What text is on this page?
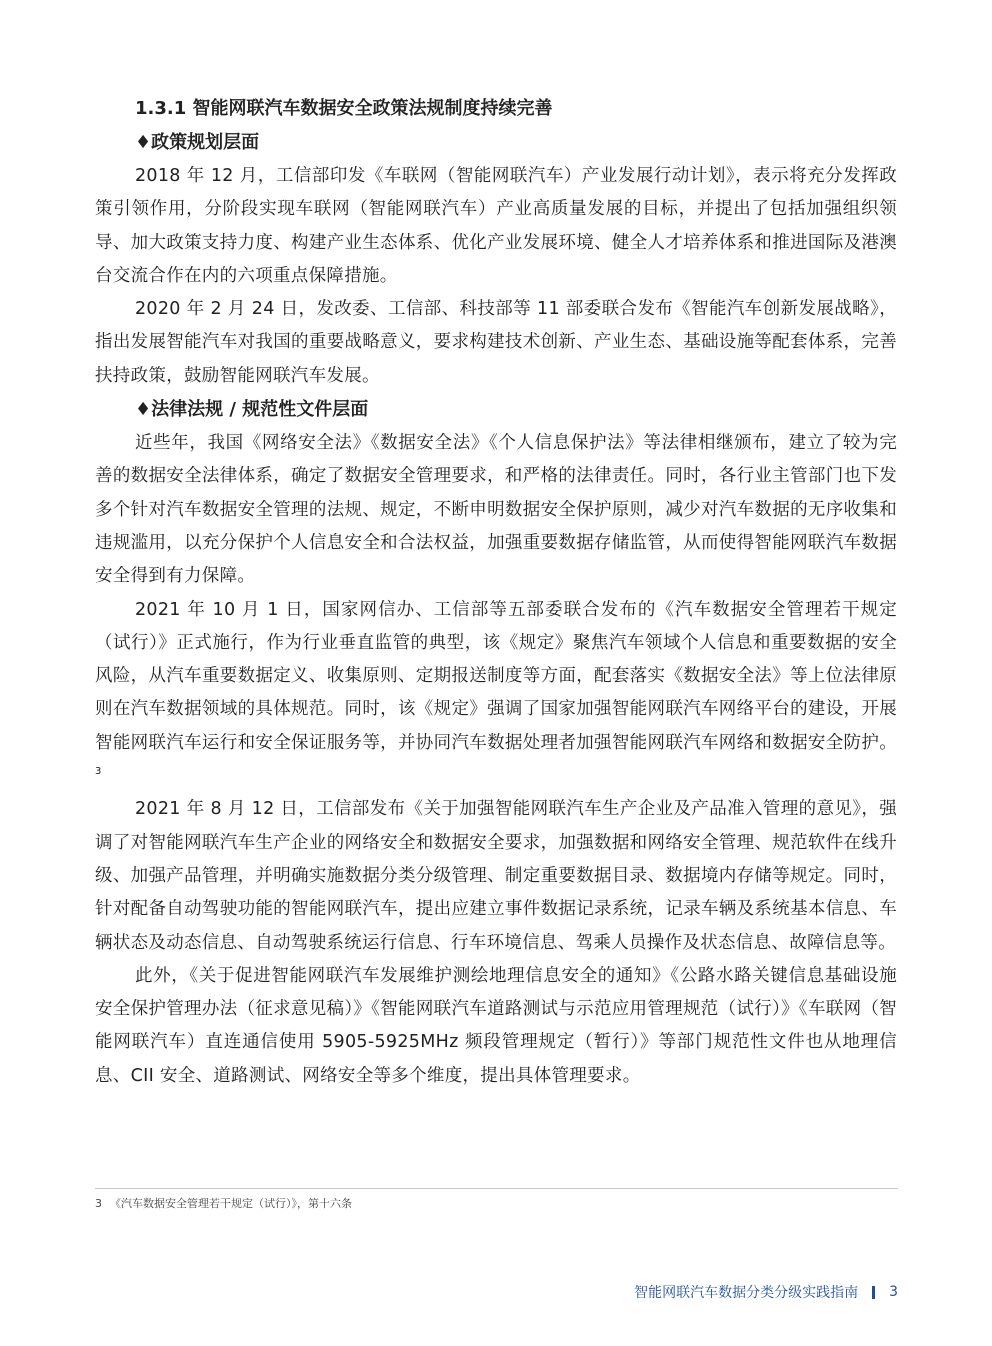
1.3.1 智能网联汽车数据安全政策法规制度持续完善

♦政策规划层面

2018 年 12 月，工信部印发《车联网（智能网联汽车）产业发展行动计划》，表示将充分发挥政策引领作用，分阶段实现车联网（智能网联汽车）产业高质量发展的目标，并提出了包括加强组织领导、加大政策支持力度、构建产业生态体系、优化产业发展环境、健全人才培养体系和推进国际及港澳台交流合作在内的六项重点保障措施。

2020 年 2 月 24 日，发改委、工信部、科技部等 11 部委联合发布《智能汽车创新发展战略》，指出发展智能汽车对我国的重要战略意义，要求构建技术创新、产业生态、基础设施等配套体系，完善扶持政策，鼓励智能网联汽车发展。

♦法律法规 / 规范性文件层面

近些年，我国《网络安全法》《数据安全法》《个人信息保护法》等法律相继颁布，建立了较为完善的数据安全法律体系，确定了数据安全管理要求，和严格的法律责任。同时，各行业主管部门也下发多个针对汽车数据安全管理的法规、规定，不断申明数据安全保护原则，减少对汽车数据的无序收集和违规滥用，以充分保护个人信息安全和合法权益，加强重要数据存储监管，从而使得智能网联汽车数据安全得到有力保障。

2021 年 10 月 1 日，国家网信办、工信部等五部委联合发布的《汽车数据安全管理若干规定（试行）》正式施行，作为行业垂直监管的典型，该《规定》聚焦汽车领域个人信息和重要数据的安全风险，从汽车重要数据定义、收集原则、定期报送制度等方面，配套落实《数据安全法》等上位法律原则在汽车数据领域的具体规范。同时，该《规定》强调了国家加强智能网联汽车网络平台的建设，开展智能网联汽车运行和安全保证服务等，并协同汽车数据处理者加强智能网联汽车网络和数据安全防护。$^3$

2021 年 8 月 12 日，工信部发布《关于加强智能网联汽车生产企业及产品准入管理的意见》，强调了对智能网联汽车生产企业的网络安全和数据安全要求，加强数据和网络安全管理、规范软件在线升级、加强产品管理，并明确实施数据分类分级管理、制定重要数据目录、数据境内存储等规定。同时，针对配备自动驾驶功能的智能网联汽车，提出应建立事件数据记录系统，记录车辆及系统基本信息、车辆状态及动态信息、自动驾驶系统运行信息、行车环境信息、驾乘人员操作及状态信息、故障信息等。

此外，《关于促进智能网联汽车发展维护测绘地理信息安全的通知》《公路水路关键信息基础设施安全保护管理办法（征求意见稿）》《智能网联汽车道路测试与示范应用管理规范（试行）》《车联网（智能网联汽车）直连通信使用 5905-5925MHz 频段管理规定（暂行）》等部门规范性文件也从地理信息、CII 安全、道路测试、网络安全等多个维度，提出具体管理要求。

3 《汽车数据安全管理若干规定（试行）》，第十六条
智能网联汽车数据分类分级实践指南 3
